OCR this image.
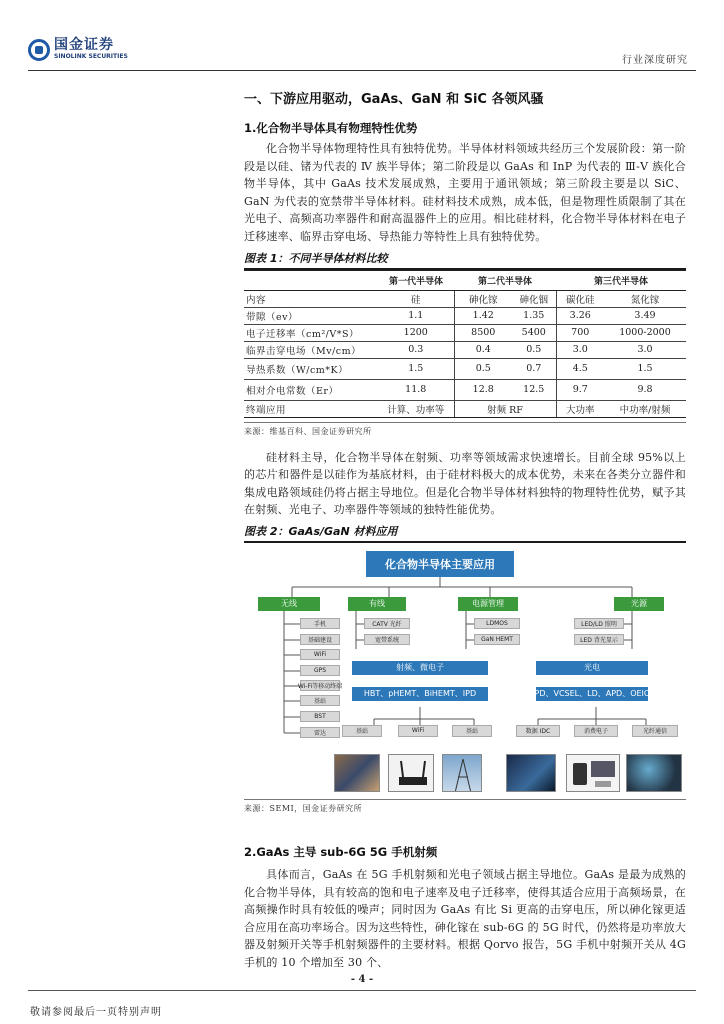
国金证券
SINOLINK SECURITIES	行业深度研究
一、下游应用驱动，GaAs、GaN 和 SiC 各领风骚
1.化合物半导体具有物理特性优势

化合物半导体物理特性具有独特优势。半导体材料领域共经历三个发展阶段：第一阶段是以硅、锗为代表的 Ⅳ 族半导体；第二阶段是以 GaAs 和 InP 为代表的 Ⅲ-Ⅴ 族化合物半导体，其中 GaAs 技术发展成熟，主要用于通讯领域；第三阶段主要是以 SiC、GaN 为代表的宽禁带半导体材料。硅材料技术成熟，成本低，但是物理性质限制了其在光电子、高频高功率器件和耐高温器件上的应用。相比硅材料，化合物半导体材料在电子迁移速率、临界击穿电场、导热能力等特性上具有独特优势。

图表 1：不同半导体材料比较
	第一代半导体	第二代半导体		第三代半导体	
内容	硅	砷化镓	砷化铟	碳化硅	氮化镓
带隙（ev）	1.1	1.42	1.35	3.26	3.49
电子迁移率（cm²/V*S）	1200	8500	5400	700	1000-2000
临界击穿电场（Mv/cm）	0.3	0.4	0.5	3.0	3.0
导热系数（W/cm*K）	1.5	0.5	0.7	4.5	1.5
相对介电常数（Er）	11.8	12.8	12.5	9.7	9.8
终端应用	计算、功率等	射频 RF		大功率	中功率/射频
来源：维基百科、国金证券研究所

硅材料主导，化合物半导体在射频、功率等领域需求快速增长。目前全球 95%以上的芯片和器件是以硅作为基底材料，由于硅材料极大的成本优势，未来在各类分立器件和集成电路领域硅仍将占据主导地位。但是化合物半导体材料独特的物理特性优势，赋予其在射频、光电子、功率器件等领域的独特性能优势。

图表 2：GaAs/GaN 材料应用
化合物半导体主要应用
无线	有线	电源管理	光源
手机
基础建设
WiFi
GPS
Wi-Fi等移动终端
基站
BST
雷达
CATV 光纤
宽带系统
LDMOS
GaN HEMT
LED/LD 照明
LED 背光显示
射频、微电子
HBT、pHEMT、BiHEMT、IPD
光电
PD、VCSEL、LD、APD、OEIC
基站	WiFi	基站	数据 IDC	消费电子	光纤通信
来源：SEMI，国金证券研究所
2.GaAs 主导 sub-6G 5G 手机射频

具体而言，GaAs 在 5G 手机射频和光电子领域占据主导地位。GaAs 是最为成熟的化合物半导体，具有较高的饱和电子速率及电子迁移率，使得其适合应用于高频场景，在高频操作时具有较低的噪声；同时因为 GaAs 有比 Si 更高的击穿电压，所以砷化镓更适合应用在高功率场合。因为这些特性，砷化镓在 sub-6G 的 5G 时代，仍然将是功率放大器及射频开关等手机射频器件的主要材料。根据 Qorvo 报告，5G 手机中射频开关从 4G 手机的 10 个增加至 30 个、

- 4 -
敬请参阅最后一页特别声明
